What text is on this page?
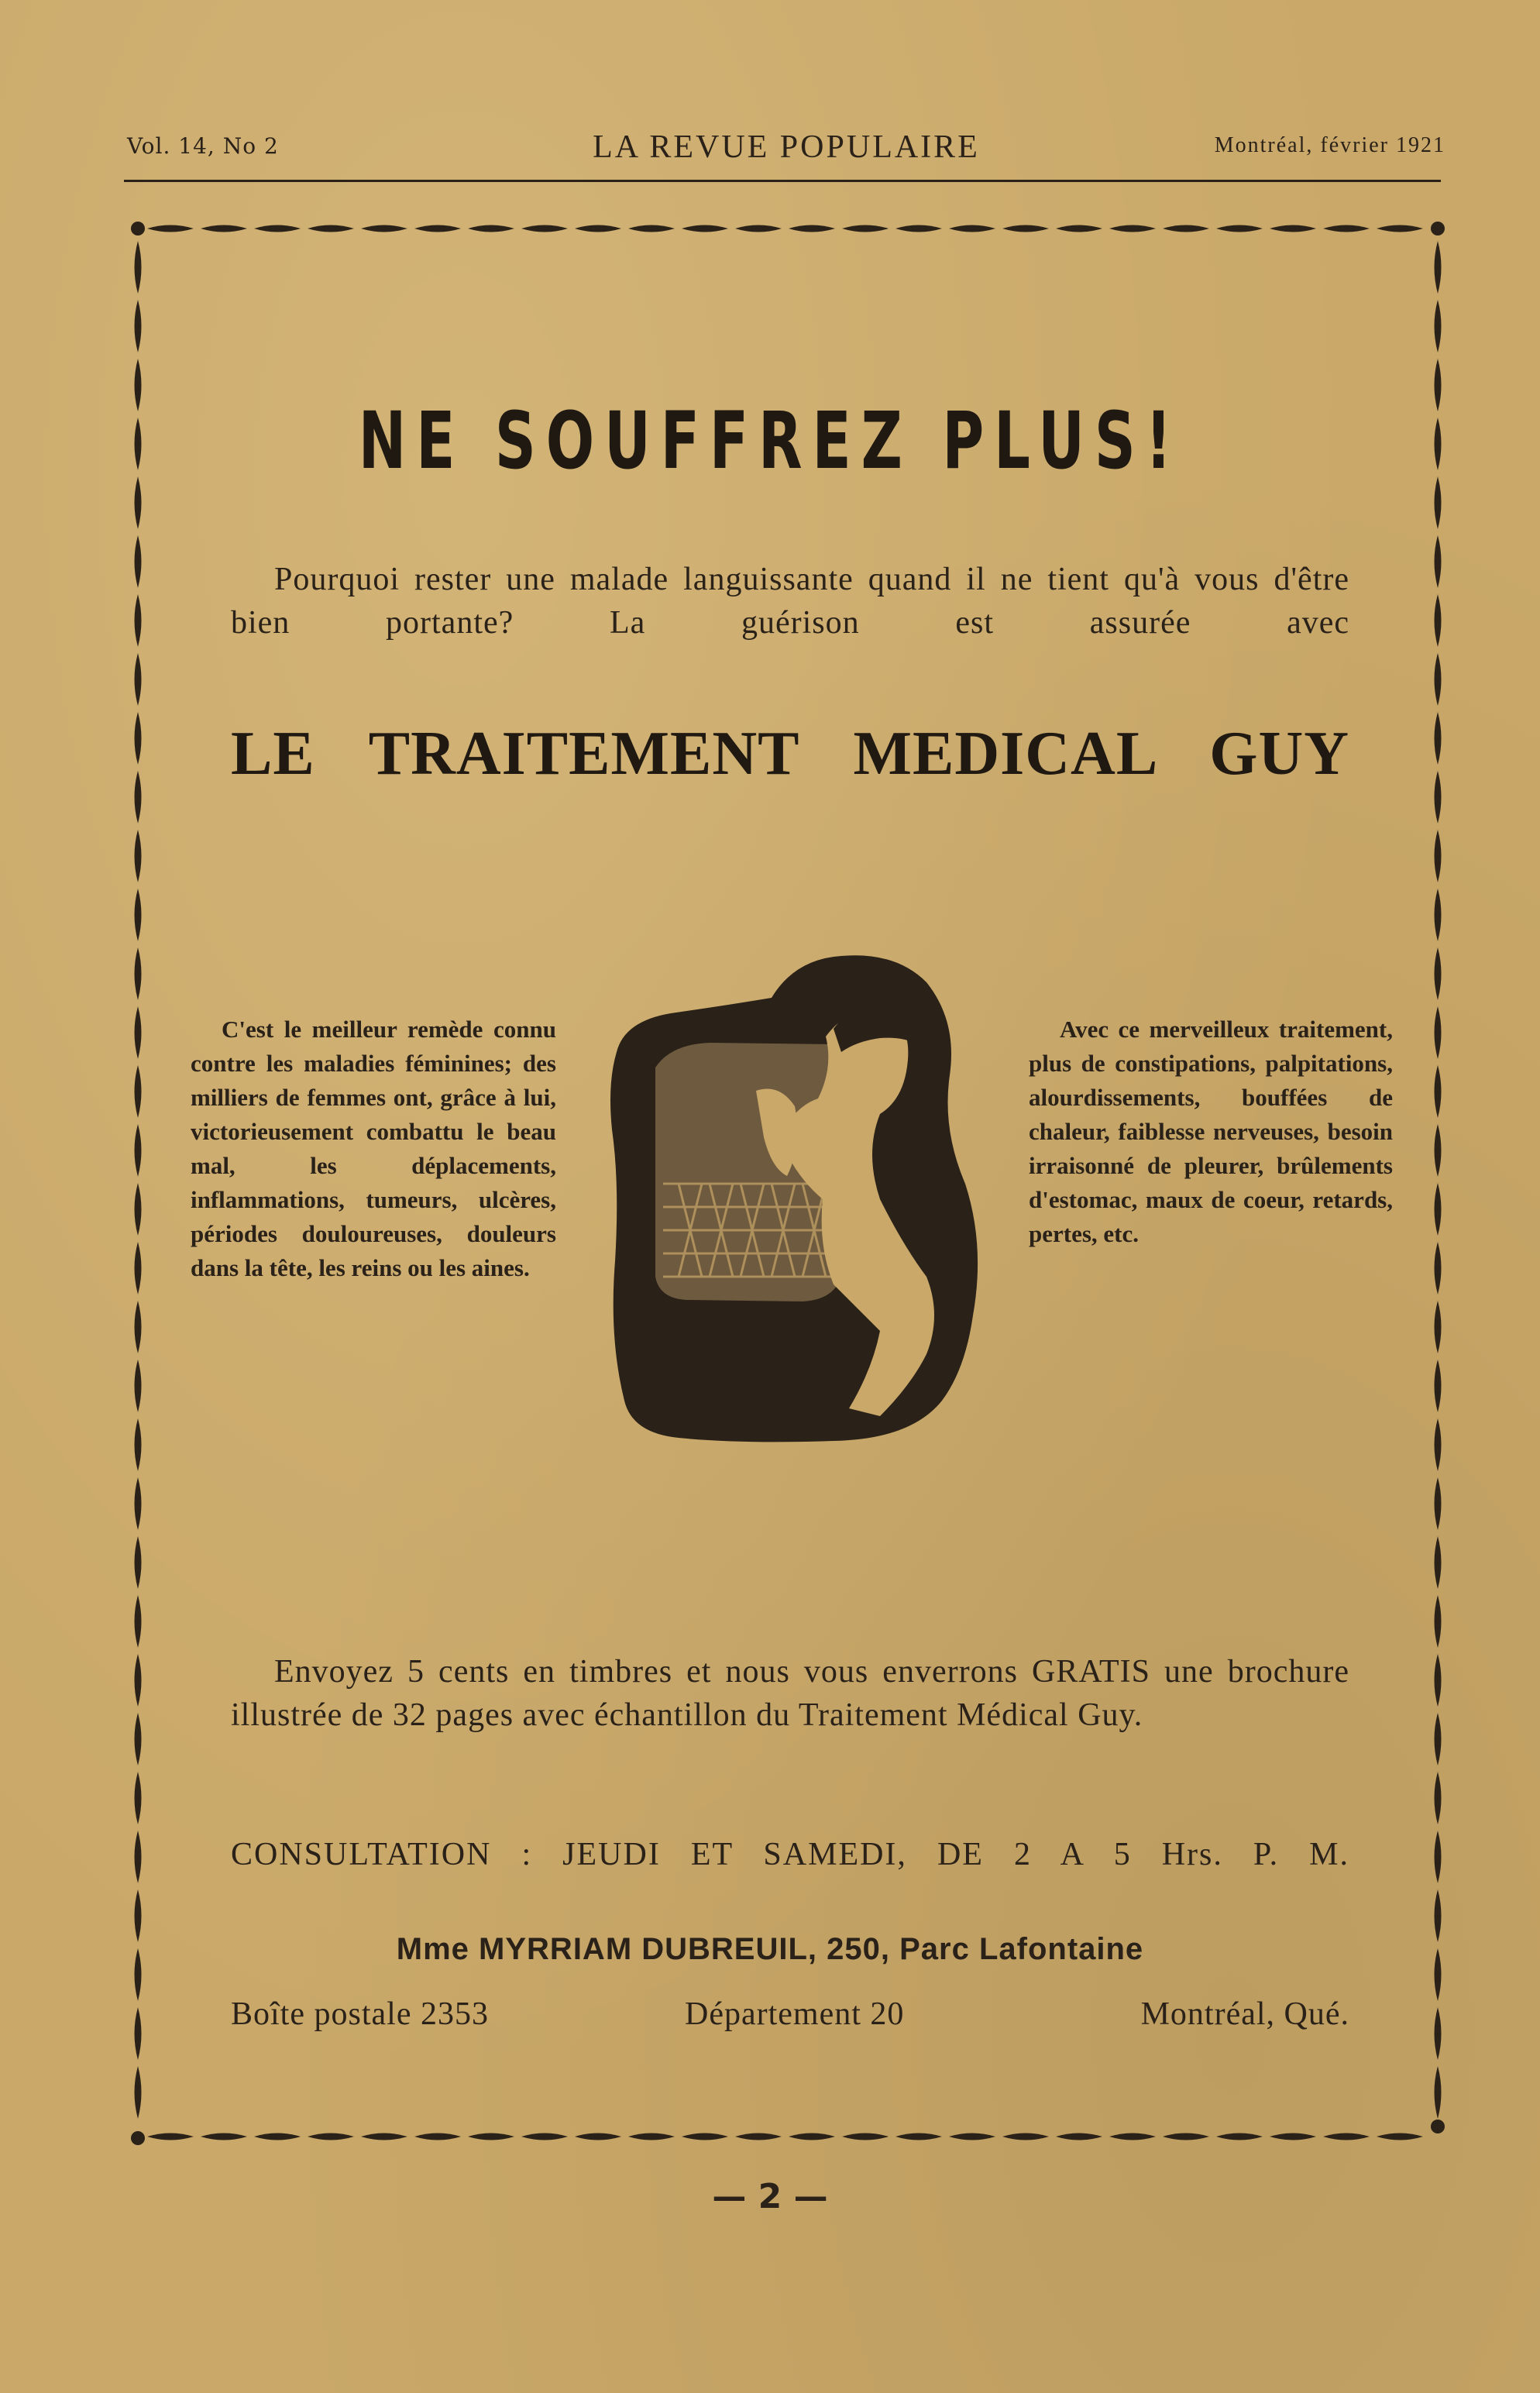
Vol. 14, No 2	LA REVUE POPULAIRE	Montréal, février 1921
NE SOUFFREZ PLUS!

Pourquoi rester une malade languissante quand il ne tient qu'à vous d'être bien portante? La guérison est assurée avec

LE TRAITEMENT MEDICAL GUY
C'est le meilleur remède connu contre les maladies féminines; des milliers de femmes ont, grâce à lui, victorieusement combattu le beau mal, les déplacements, inflammations, tumeurs, ulcères, périodes douloureuses, douleurs dans la tête, les reins ou les aines.
Avec ce merveilleux traitement, plus de constipations, palpitations, alourdissements, bouffées de chaleur, faiblesse nerveuses, besoin irraisonné de pleurer, brûlements d'estomac, maux de coeur, retards, pertes, etc.
Envoyez 5 cents en timbres et nous vous enverrons GRATIS une brochure illustrée de 32 pages avec échantillon du Traitement Médical Guy.
CONSULTATION : JEUDI ET SAMEDI, DE 2 A 5 Hrs. P. M.
Mme MYRRIAM DUBREUIL, 250, Parc Lafontaine
Boîte postale 2353	Département 20	Montréal, Qué.
— 2 —
